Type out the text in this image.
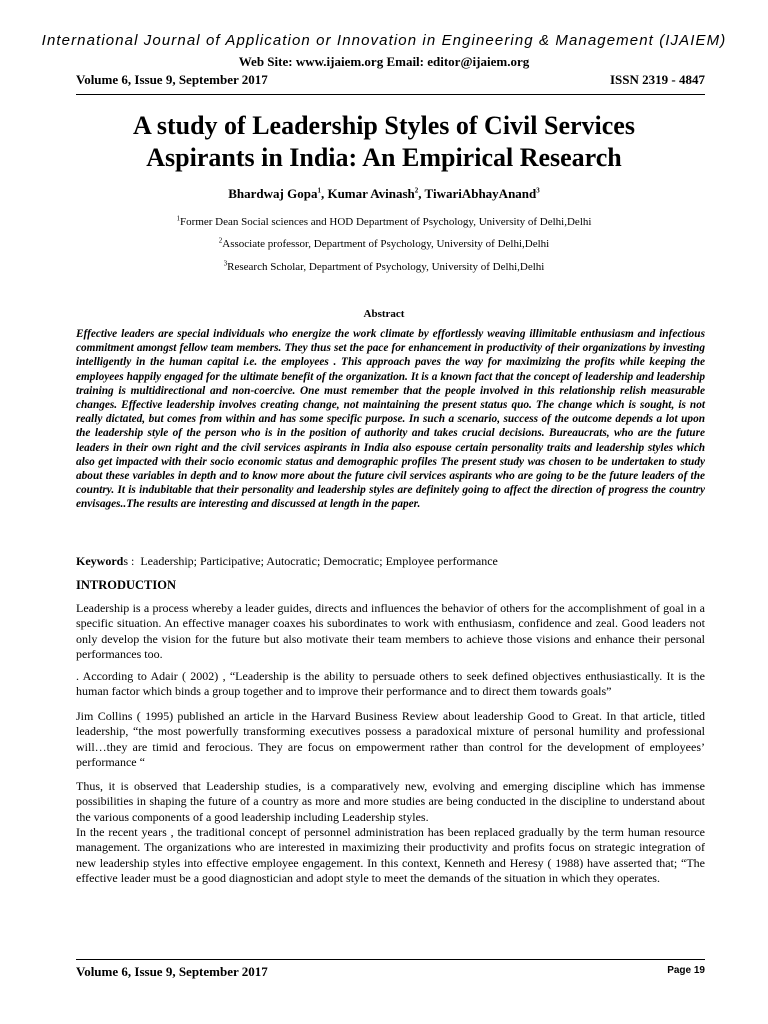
International Journal of Application or Innovation in Engineering & Management (IJAIEM)
Web Site: www.ijaiem.org Email: editor@ijaiem.org
Volume 6, Issue 9, September 2017	ISSN 2319 - 4847
A study of Leadership Styles of Civil Services
Aspirants in India: An Empirical Research
Bhardwaj Gopa$^1$, Kumar Avinash$^2$, TiwariAbhayAnand$^3$
$^1$Former Dean Social sciences and HOD Department of Psychology, University of Delhi,Delhi
$^2$Associate professor, Department of Psychology, University of Delhi,Delhi
$^3$Research Scholar, Department of Psychology, University of Delhi,Delhi
Abstract

Effective leaders are special individuals who energize the work climate by effortlessly weaving illimitable enthusiasm and infectious commitment amongst fellow team members. They thus set the pace for enhancement in productivity of their organizations by investing intelligently in the human capital i.e. the employees . This approach paves the way for maximizing the profits while keeping the employees happily engaged for the ultimate benefit of the organization. It is a known fact that the concept of leadership and leadership training is multidirectional and non-coercive. One must remember that the people involved in this relationship relish measurable changes. Effective leadership involves creating change, not maintaining the present status quo. The change which is sought, is not really dictated, but comes from within and has some specific purpose. In such a scenario, success of the outcome depends a lot upon the leadership style of the person who is in the position of authority and takes crucial decisions. Bureaucrats, who are the future leaders in their own right and the civil services aspirants in India also espouse certain personality traits and leadership styles which also get impacted with their socio economic status and demographic profiles The present study was chosen to be undertaken to study about these variables in depth and to know more about the future civil services aspirants who are going to be the future leaders of the country. It is indubitable that their personality and leadership styles are definitely going to affect the direction of progress the country envisages..The results are interesting and discussed at length in the paper.

Keywords :  Leadership; Participative; Autocratic; Democratic; Employee performance
INTRODUCTION

Leadership is a process whereby a leader guides, directs and influences the behavior of others for the accomplishment of goal in a specific situation. An effective manager coaxes his subordinates to work with enthusiasm, confidence and zeal. Good leaders not only develop the vision for the future but also motivate their team members to achieve those visions and enhance their personal performances too.

. According to Adair ( 2002) , “Leadership is the ability to persuade others to seek defined objectives enthusiastically. It is the human factor which binds a group together and to improve their performance and to direct them towards goals”

Jim Collins ( 1995) published an article in the Harvard Business Review about leadership Good to Great. In that article, titled leadership, “the most powerfully transforming executives possess a paradoxical mixture of personal humility and professional will…they are timid and ferocious. They are focus on empowerment rather than control for the development of employees’ performance “

Thus, it is observed that Leadership studies, is a comparatively new, evolving and emerging discipline which has immense possibilities in shaping the future of a country as more and more studies are being conducted in the discipline to understand about the various components of a good leadership including Leadership styles.

In the recent years , the traditional concept of personnel administration has been replaced gradually by the term human resource management. The organizations who are interested in maximizing their productivity and profits focus on strategic integration of new leadership styles into effective employee engagement. In this context, Kenneth and Heresy ( 1988) have asserted that; “The effective leader must be a good diagnostician and adopt style to meet the demands of the situation in which they operates.

Volume 6, Issue 9, September 2017	Page 19
